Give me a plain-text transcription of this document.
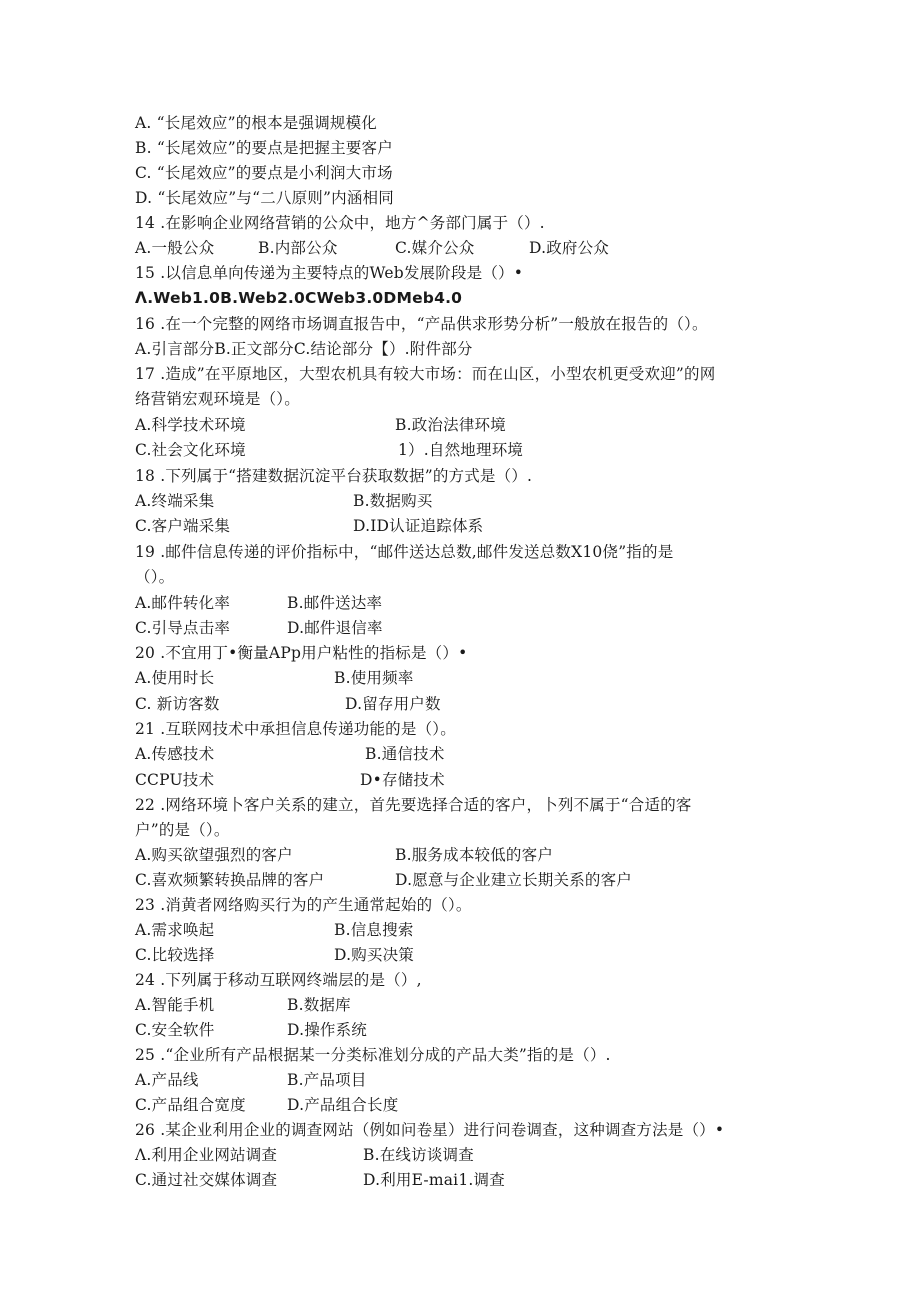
A. “长尾效应”的根本是强调规模化
B. “长尾效应”的要点是把握主要客户
C. “长尾效应”的要点是小利润大市场
D. “长尾效应”与“二八原则”内涵相同
14 .在影响企业网络营销的公众中，地方^务部门属于（）.
A.一般公众	B.内部公众	C.媒介公众	D.政府公众
15 .以信息单向传递为主要特点的Web发展阶段是（）•
Λ.Web1.0B.Web2.0CWeb3.0DMeb4.0
16 .在一个完整的网络市场调直报告中，“产品供求形势分析”一般放在报告的（）。
A.引言部分B.正文部分C.结论部分【）.附件部分
17 .造成”在平原地区，大型农机具有较大市场：而在山区，小型农机更受欢迎”的网
络营销宏观环境是（）。
A.科学技术环境	B.政治法律环境
C.社会文化环境	1）.自然地理环境
18 .下列属于“搭建数据沉淀平台获取数据”的方式是（）.
A.终端采集	B.数据购买
C.客户端采集	D.ID认证追踪体系
19 .邮件信息传递的评价指标中，“邮件送达总数,邮件发送总数X10侥”指的是
（）。
A.邮件转化率	B.邮件送达率
C.引导点击率	D.邮件退信率
20 .不宜用丁•衡量APp用户粘性的指标是（）•
A.使用时长	B.使用频率
C. 新访客数	D.留存用户数
21 .互联网技术中承担信息传递功能的是（）。
A.传感技术	B.通信技术
CCPU技术	D•存储技术
22 .网络环境卜客户关系的建立，首先要选择合适的客户，卜列不属于“合适的客
户”的是（）。
A.购买欲望强烈的客户	B.服务成本较低的客户
C.喜欢频繁转换品牌的客户	D.愿意与企业建立长期关系的客户
23 .消黄者网络购买行为的产生通常起始的（）。
A.需求唤起	B.信息搜索
C.比较选择	D.购买决策
24 .下列属于移动互联网终端层的是（）,
A.智能手机	B.数据库
C.安全软件	D.操作系统
25 .“企业所有产品根据某一分类标准划分成的产品大类”指的是（）.
A.产品线	B.产品项目
C.产品组合宽度	D.产品组合长度
26 .某企业利用企业的调查网站（例如问卷星）进行问卷调查，这种调查方法是（）•
Λ.利用企业网站调查	B.在线访谈调查
C.通过社交媒体调查	D.利用E-mai1.调查
